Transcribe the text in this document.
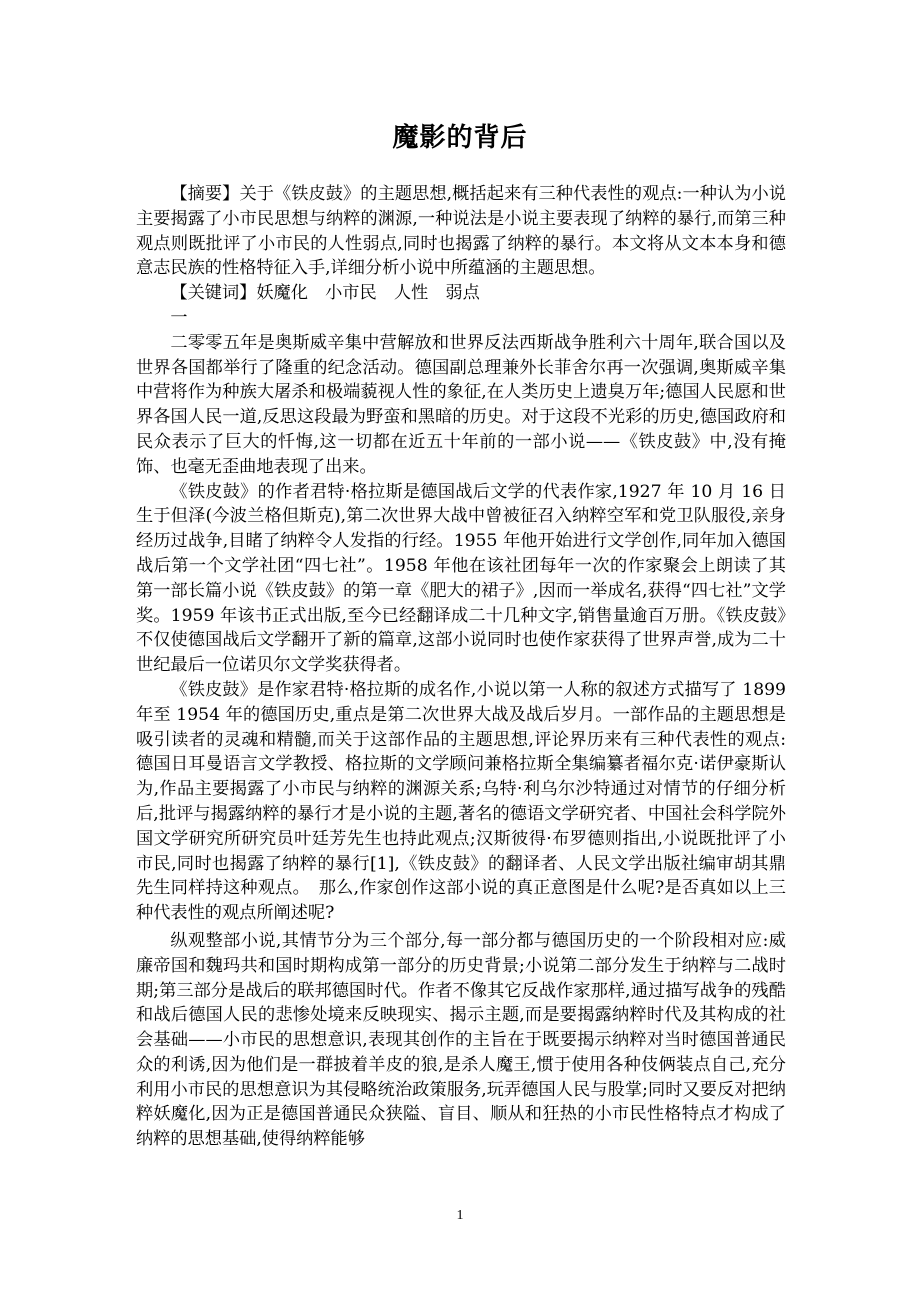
魔影的背后

【摘要】关于《铁皮鼓》的主题思想,概括起来有三种代表性的观点:一种认为小说主要揭露了小市民思想与纳粹的渊源,一种说法是小说主要表现了纳粹的暴行,而第三种观点则既批评了小市民的人性弱点,同时也揭露了纳粹的暴行。本文将从文本本身和德意志民族的性格特征入手,详细分析小说中所蕴涵的主题思想。

【关键词】妖魔化　小市民　人性　弱点

一

二零零五年是奥斯威辛集中营解放和世界反法西斯战争胜利六十周年,联合国以及世界各国都举行了隆重的纪念活动。德国副总理兼外长菲舍尔再一次强调,奥斯威辛集中营将作为种族大屠杀和极端藐视人性的象征,在人类历史上遗臭万年;德国人民愿和世界各国人民一道,反思这段最为野蛮和黑暗的历史。对于这段不光彩的历史,德国政府和民众表示了巨大的忏悔,这一切都在近五十年前的一部小说——《铁皮鼓》中,没有掩饰、也毫无歪曲地表现了出来。

《铁皮鼓》的作者君特·格拉斯是德国战后文学的代表作家,1927 年 10 月 16 日生于但泽(今波兰格但斯克),第二次世界大战中曾被征召入纳粹空军和党卫队服役,亲身经历过战争,目睹了纳粹令人发指的行经。1955 年他开始进行文学创作,同年加入德国战后第一个文学社团“四七社”。1958 年他在该社团每年一次的作家聚会上朗读了其第一部长篇小说《铁皮鼓》的第一章《肥大的裙子》,因而一举成名,获得“四七社”文学奖。1959 年该书正式出版,至今已经翻译成二十几种文字,销售量逾百万册。《铁皮鼓》不仅使德国战后文学翻开了新的篇章,这部小说同时也使作家获得了世界声誉,成为二十世纪最后一位诺贝尔文学奖获得者。

《铁皮鼓》是作家君特·格拉斯的成名作,小说以第一人称的叙述方式描写了 1899 年至 1954 年的德国历史,重点是第二次世界大战及战后岁月。一部作品的主题思想是吸引读者的灵魂和精髓,而关于这部作品的主题思想,评论界历来有三种代表性的观点:德国日耳曼语言文学教授、格拉斯的文学顾问兼格拉斯全集编纂者福尔克·诺伊豪斯认为,作品主要揭露了小市民与纳粹的渊源关系;乌特·利乌尔沙特通过对情节的仔细分析后,批评与揭露纳粹的暴行才是小说的主题,著名的德语文学研究者、中国社会科学院外国文学研究所研究员叶廷芳先生也持此观点;汉斯彼得·布罗德则指出,小说既批评了小市民,同时也揭露了纳粹的暴行[1],《铁皮鼓》的翻译者、人民文学出版社编审胡其鼎先生同样持这种观点。　那么,作家创作这部小说的真正意图是什么呢?是否真如以上三种代表性的观点所阐述呢?

纵观整部小说,其情节分为三个部分,每一部分都与德国历史的一个阶段相对应:威廉帝国和魏玛共和国时期构成第一部分的历史背景;小说第二部分发生于纳粹与二战时期;第三部分是战后的联邦德国时代。作者不像其它反战作家那样,通过描写战争的残酷和战后德国人民的悲惨处境来反映现实、揭示主题,而是要揭露纳粹时代及其构成的社会基础——小市民的思想意识,表现其创作的主旨在于既要揭示纳粹对当时德国普通民众的利诱,因为他们是一群披着羊皮的狼,是杀人魔王,惯于使用各种伎俩装点自己,充分利用小市民的思想意识为其侵略统治政策服务,玩弄德国人民与股掌;同时又要反对把纳粹妖魔化,因为正是德国普通民众狭隘、盲目、顺从和狂热的小市民性格特点才构成了纳粹的思想基础,使得纳粹能够

1
